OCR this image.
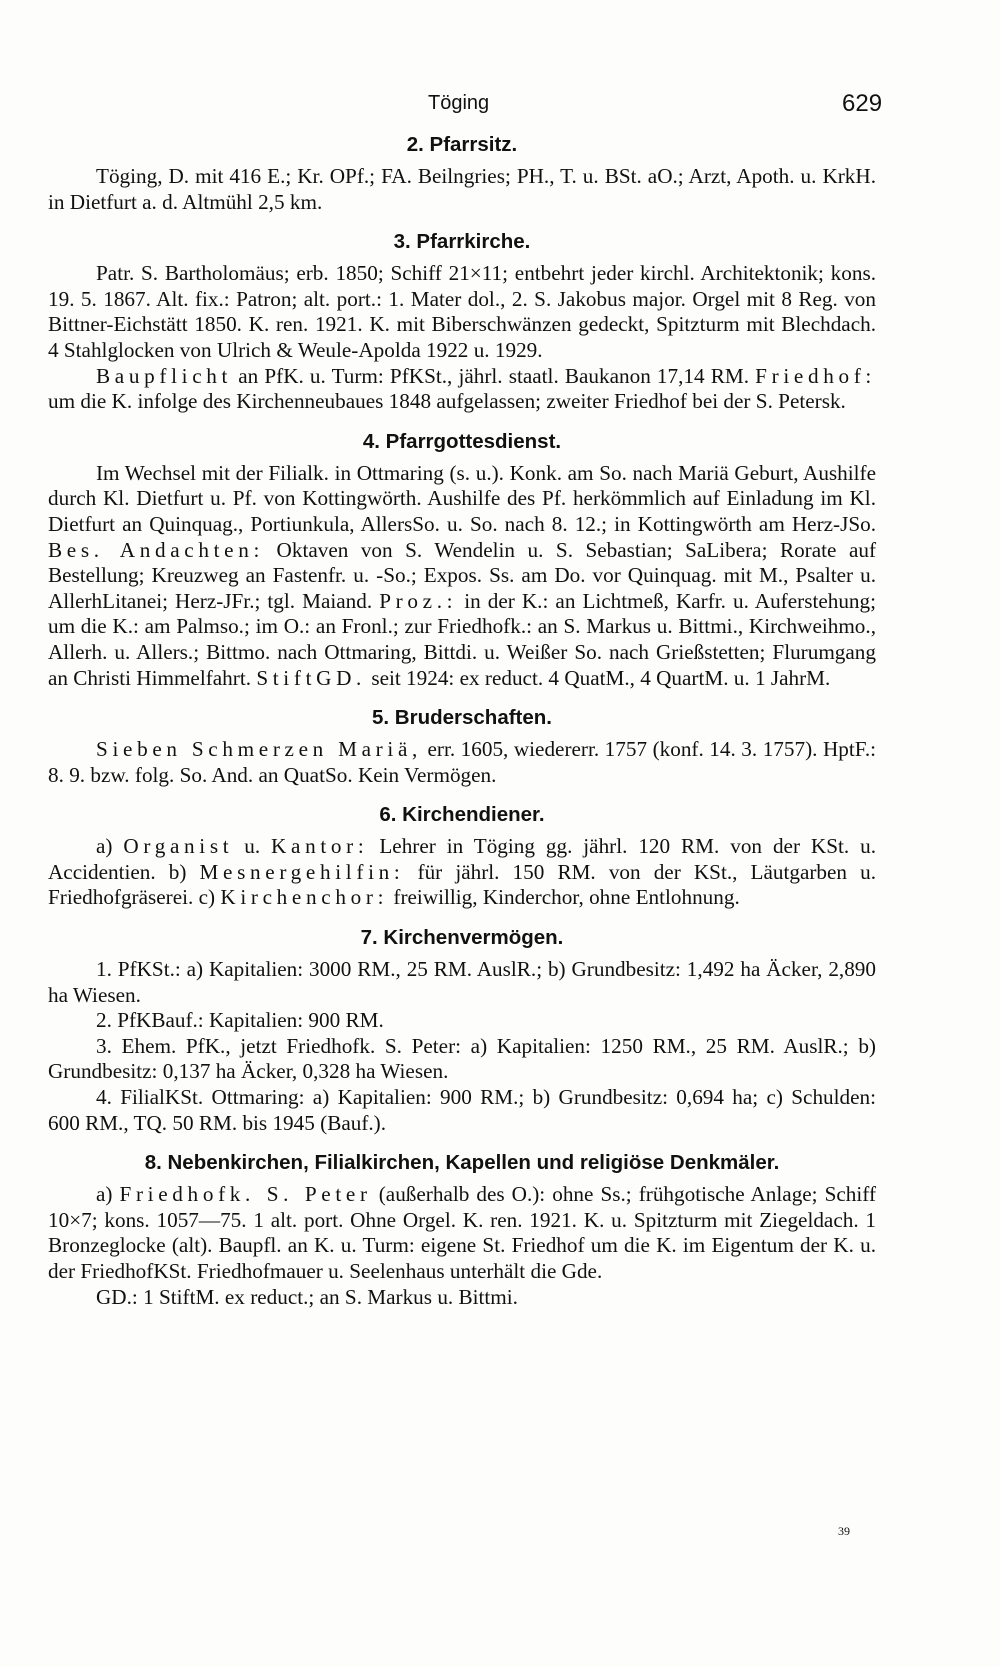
Töging	629
2. Pfarrsitz.

Töging, D. mit 416 E.; Kr. OPf.; FA. Beilngries; PH., T. u. BSt. aO.; Arzt, Apoth. u. KrkH. in Dietfurt a. d. Altmühl 2,5 km.

3. Pfarrkirche.

Patr. S. Bartholomäus; erb. 1850; Schiff 21×11; entbehrt jeder kirchl. Architektonik; kons. 19. 5. 1867. Alt. fix.: Patron; alt. port.: 1. Mater dol., 2. S. Jakobus major. Orgel mit 8 Reg. von Bittner-Eichstätt 1850. K. ren. 1921. K. mit Biberschwänzen gedeckt, Spitzturm mit Blechdach. 4 Stahlglocken von Ulrich & Weule-Apolda 1922 u. 1929.

Baupflicht an PfK. u. Turm: PfKSt., jährl. staatl. Baukanon 17,14 RM. Friedhof: um die K. infolge des Kirchenneubaues 1848 aufgelassen; zweiter Friedhof bei der S. Petersk.

4. Pfarrgottesdienst.

Im Wechsel mit der Filialk. in Ottmaring (s. u.). Konk. am So. nach Mariä Geburt, Aushilfe durch Kl. Dietfurt u. Pf. von Kottingwörth. Aushilfe des Pf. herkömmlich auf Einladung im Kl. Dietfurt an Quinquag., Portiunkula, AllersSo. u. So. nach 8. 12.; in Kottingwörth am Herz-JSo. Bes. Andachten: Oktaven von S. Wendelin u. S. Sebastian; SaLibera; Rorate auf Bestellung; Kreuzweg an Fastenfr. u. -So.; Expos. Ss. am Do. vor Quinquag. mit M., Psalter u. AllerhLitanei; Herz-JFr.; tgl. Maiand. Proz.: in der K.: an Lichtmeß, Karfr. u. Auferstehung; um die K.: am Palmso.; im O.: an Fronl.; zur Friedhofk.: an S. Markus u. Bittmi., Kirchweihmo., Allerh. u. Allers.; Bittmo. nach Ottmaring, Bittdi. u. Weißer So. nach Grießstetten; Flurumgang an Christi Himmelfahrt. StiftGD. seit 1924: ex reduct. 4 QuatM., 4 QuartM. u. 1 JahrM.

5. Bruderschaften.

Sieben Schmerzen Mariä, err. 1605, wiedererr. 1757 (konf. 14. 3. 1757). HptF.: 8. 9. bzw. folg. So. And. an QuatSo. Kein Vermögen.

6. Kirchendiener.

a) Organist u. Kantor: Lehrer in Töging gg. jährl. 120 RM. von der KSt. u. Accidentien. b) Mesnergehilfin: für jährl. 150 RM. von der KSt., Läutgarben u. Friedhofgräserei. c) Kirchenchor: freiwillig, Kinderchor, ohne Entlohnung.

7. Kirchenvermögen.

1. PfKSt.: a) Kapitalien: 3000 RM., 25 RM. AuslR.; b) Grundbesitz: 1,492 ha Äcker, 2,890 ha Wiesen.

2. PfKBauf.: Kapitalien: 900 RM.

3. Ehem. PfK., jetzt Friedhofk. S. Peter: a) Kapitalien: 1250 RM., 25 RM. AuslR.; b) Grundbesitz: 0,137 ha Äcker, 0,328 ha Wiesen.

4. FilialKSt. Ottmaring: a) Kapitalien: 900 RM.; b) Grundbesitz: 0,694 ha; c) Schulden: 600 RM., TQ. 50 RM. bis 1945 (Bauf.).

8. Nebenkirchen, Filialkirchen, Kapellen und religiöse Denkmäler.

a) Friedhofk. S. Peter (außerhalb des O.): ohne Ss.; frühgotische Anlage; Schiff 10×7; kons. 1057—75. 1 alt. port. Ohne Orgel. K. ren. 1921. K. u. Spitzturm mit Ziegeldach. 1 Bronzeglocke (alt). Baupfl. an K. u. Turm: eigene St. Friedhof um die K. im Eigentum der K. u. der FriedhofKSt. Friedhofmauer u. Seelenhaus unterhält die Gde.

GD.: 1 StiftM. ex reduct.; an S. Markus u. Bittmi.

39
